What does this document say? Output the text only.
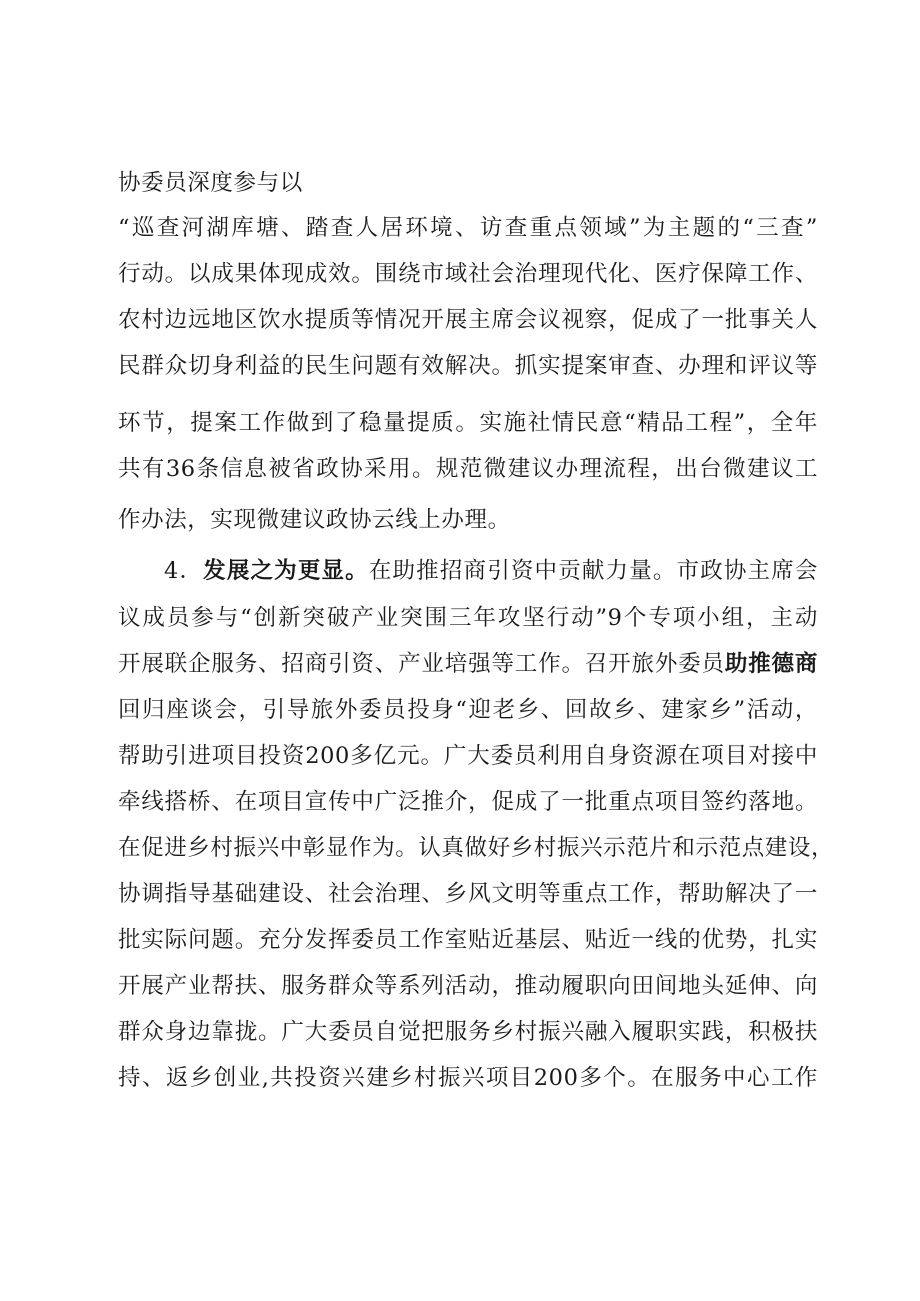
协委员深度参与以
“巡查河湖库塘、踏查人居环境、访查重点领域”为主题的“三查”
行动。以成果体现成效。围绕市域社会治理现代化、医疗保障工作、
农村边远地区饮水提质等情况开展主席会议视察，促成了一批事关人
民群众切身利益的民生问题有效解决。抓实提案审查、办理和评议等
环节，提案工作做到了稳量提质。实施社情民意“精品工程”，全年
共有36条信息被省政协采用。规范微建议办理流程，出台微建议工
作办法，实现微建议政协云线上办理。
4．发展之为更显。在助推招商引资中贡献力量。市政协主席会
议成员参与“创新突破产业突围三年攻坚行动”9个专项小组，主动
开展联企服务、招商引资、产业培强等工作。召开旅外委员助推德商
回归座谈会，引导旅外委员投身“迎老乡、回故乡、建家乡”活动，
帮助引进项目投资200多亿元。广大委员利用自身资源在项目对接中
牵线搭桥、在项目宣传中广泛推介，促成了一批重点项目签约落地。
在促进乡村振兴中彰显作为。认真做好乡村振兴示范片和示范点建设，
协调指导基础建设、社会治理、乡风文明等重点工作，帮助解决了一
批实际问题。充分发挥委员工作室贴近基层、贴近一线的优势，扎实
开展产业帮扶、服务群众等系列活动，推动履职向田间地头延伸、向
群众身边靠拢。广大委员自觉把服务乡村振兴融入履职实践，积极扶
持、返乡创业,共投资兴建乡村振兴项目200多个。在服务中心工作
